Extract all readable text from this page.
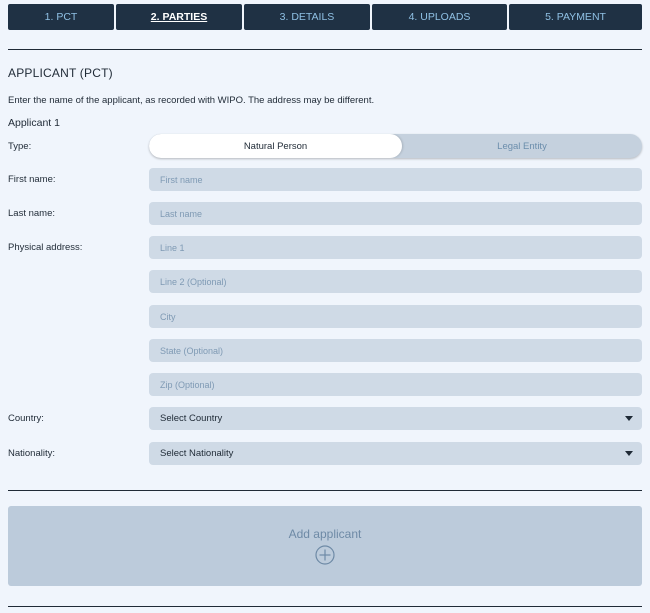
1. PCT	2. PARTIES	3. DETAILS	4. UPLOADS	5. PAYMENT
APPLICANT (PCT)
Enter the name of the applicant, as recorded with WIPO. The address may be different.
Applicant 1
Type:	Natural Person	Legal Entity
First name:
First name
Last name:
Last name
Physical address:
Line 1
Line 2 (Optional)
City
State (Optional)
Zip (Optional)
Country:	Select Country
Nationality:	Select Nationality
Add applicant
